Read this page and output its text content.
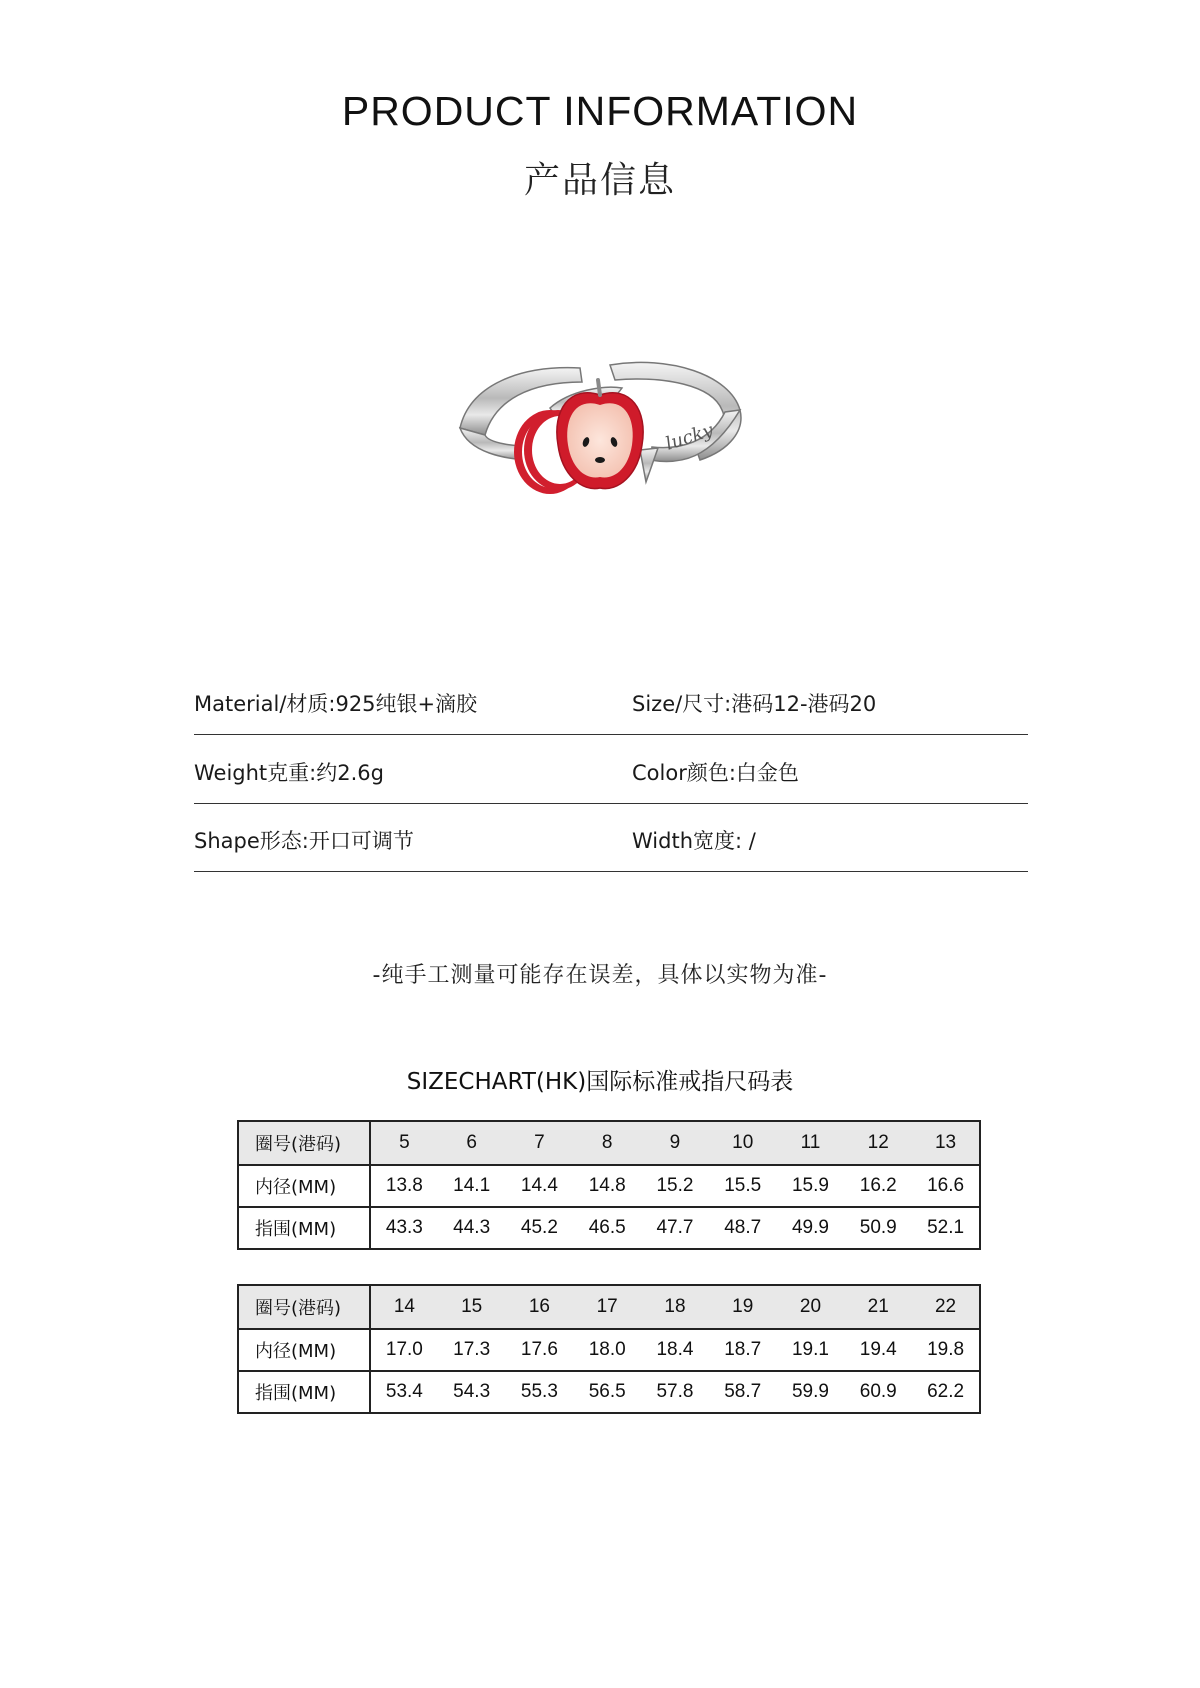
PRODUCT INFORMATION
产品信息
lucky
Material/材质:925纯银+滴胶	Size/尺寸:港码12-港码20
Weight克重:约2.6g	Color颜色:白金色
Shape形态:开口可调节	Width宽度: /
-纯手工测量可能存在误差，具体以实物为准-
SIZECHART(HK)国际标准戒指尺码表
圈号(港码)	5	6	7	8	9	10	11	12	13
内径(MM)	13.8	14.1	14.4	14.8	15.2	15.5	15.9	16.2	16.6
指围(MM)	43.3	44.3	45.2	46.5	47.7	48.7	49.9	50.9	52.1
圈号(港码)	14	15	16	17	18	19	20	21	22
内径(MM)	17.0	17.3	17.6	18.0	18.4	18.7	19.1	19.4	19.8
指围(MM)	53.4	54.3	55.3	56.5	57.8	58.7	59.9	60.9	62.2
